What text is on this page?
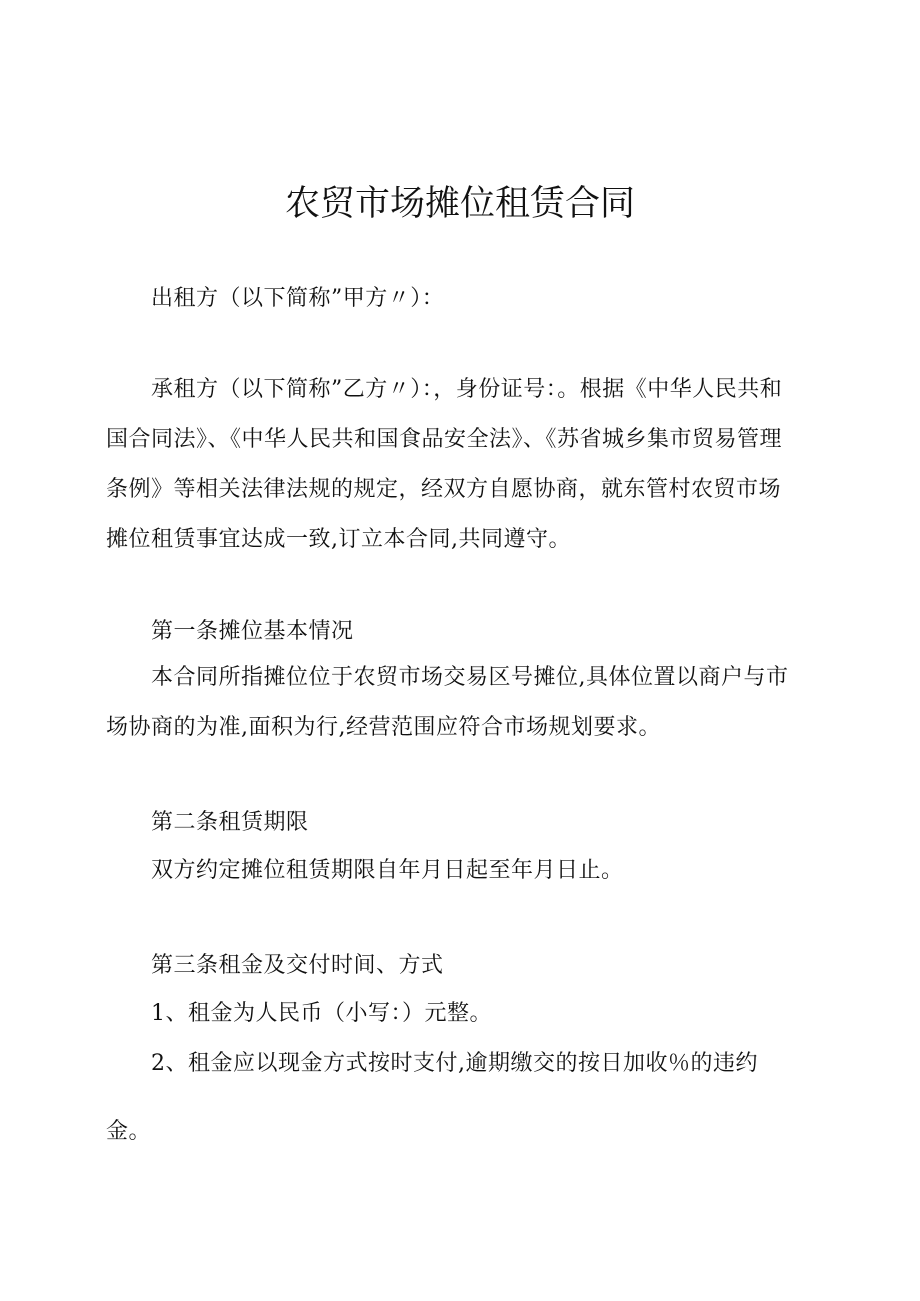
农贸市场摊位租赁合同

出租方（以下简称”甲方〃）：

承租方（以下简称”乙方〃）：，身份证号：。根据《中华人民共和国合同法》、《中华人民共和国食品安全法》、《苏省城乡集市贸易管理条例》等相关法律法规的规定，经双方自愿协商，就东管村农贸市场摊位租赁事宜达成一致,订立本合同,共同遵守。

第一条摊位基本情况

本合同所指摊位位于农贸市场交易区号摊位,具体位置以商户与市场协商的为准,面积为行,经营范围应符合市场规划要求。

第二条租赁期限

双方约定摊位租赁期限自年月日起至年月日止。

第三条租金及交付时间、方式

1、租金为人民币（小写：）元整。

2、租金应以现金方式按时支付,逾期缴交的按日加收％的违约金。
